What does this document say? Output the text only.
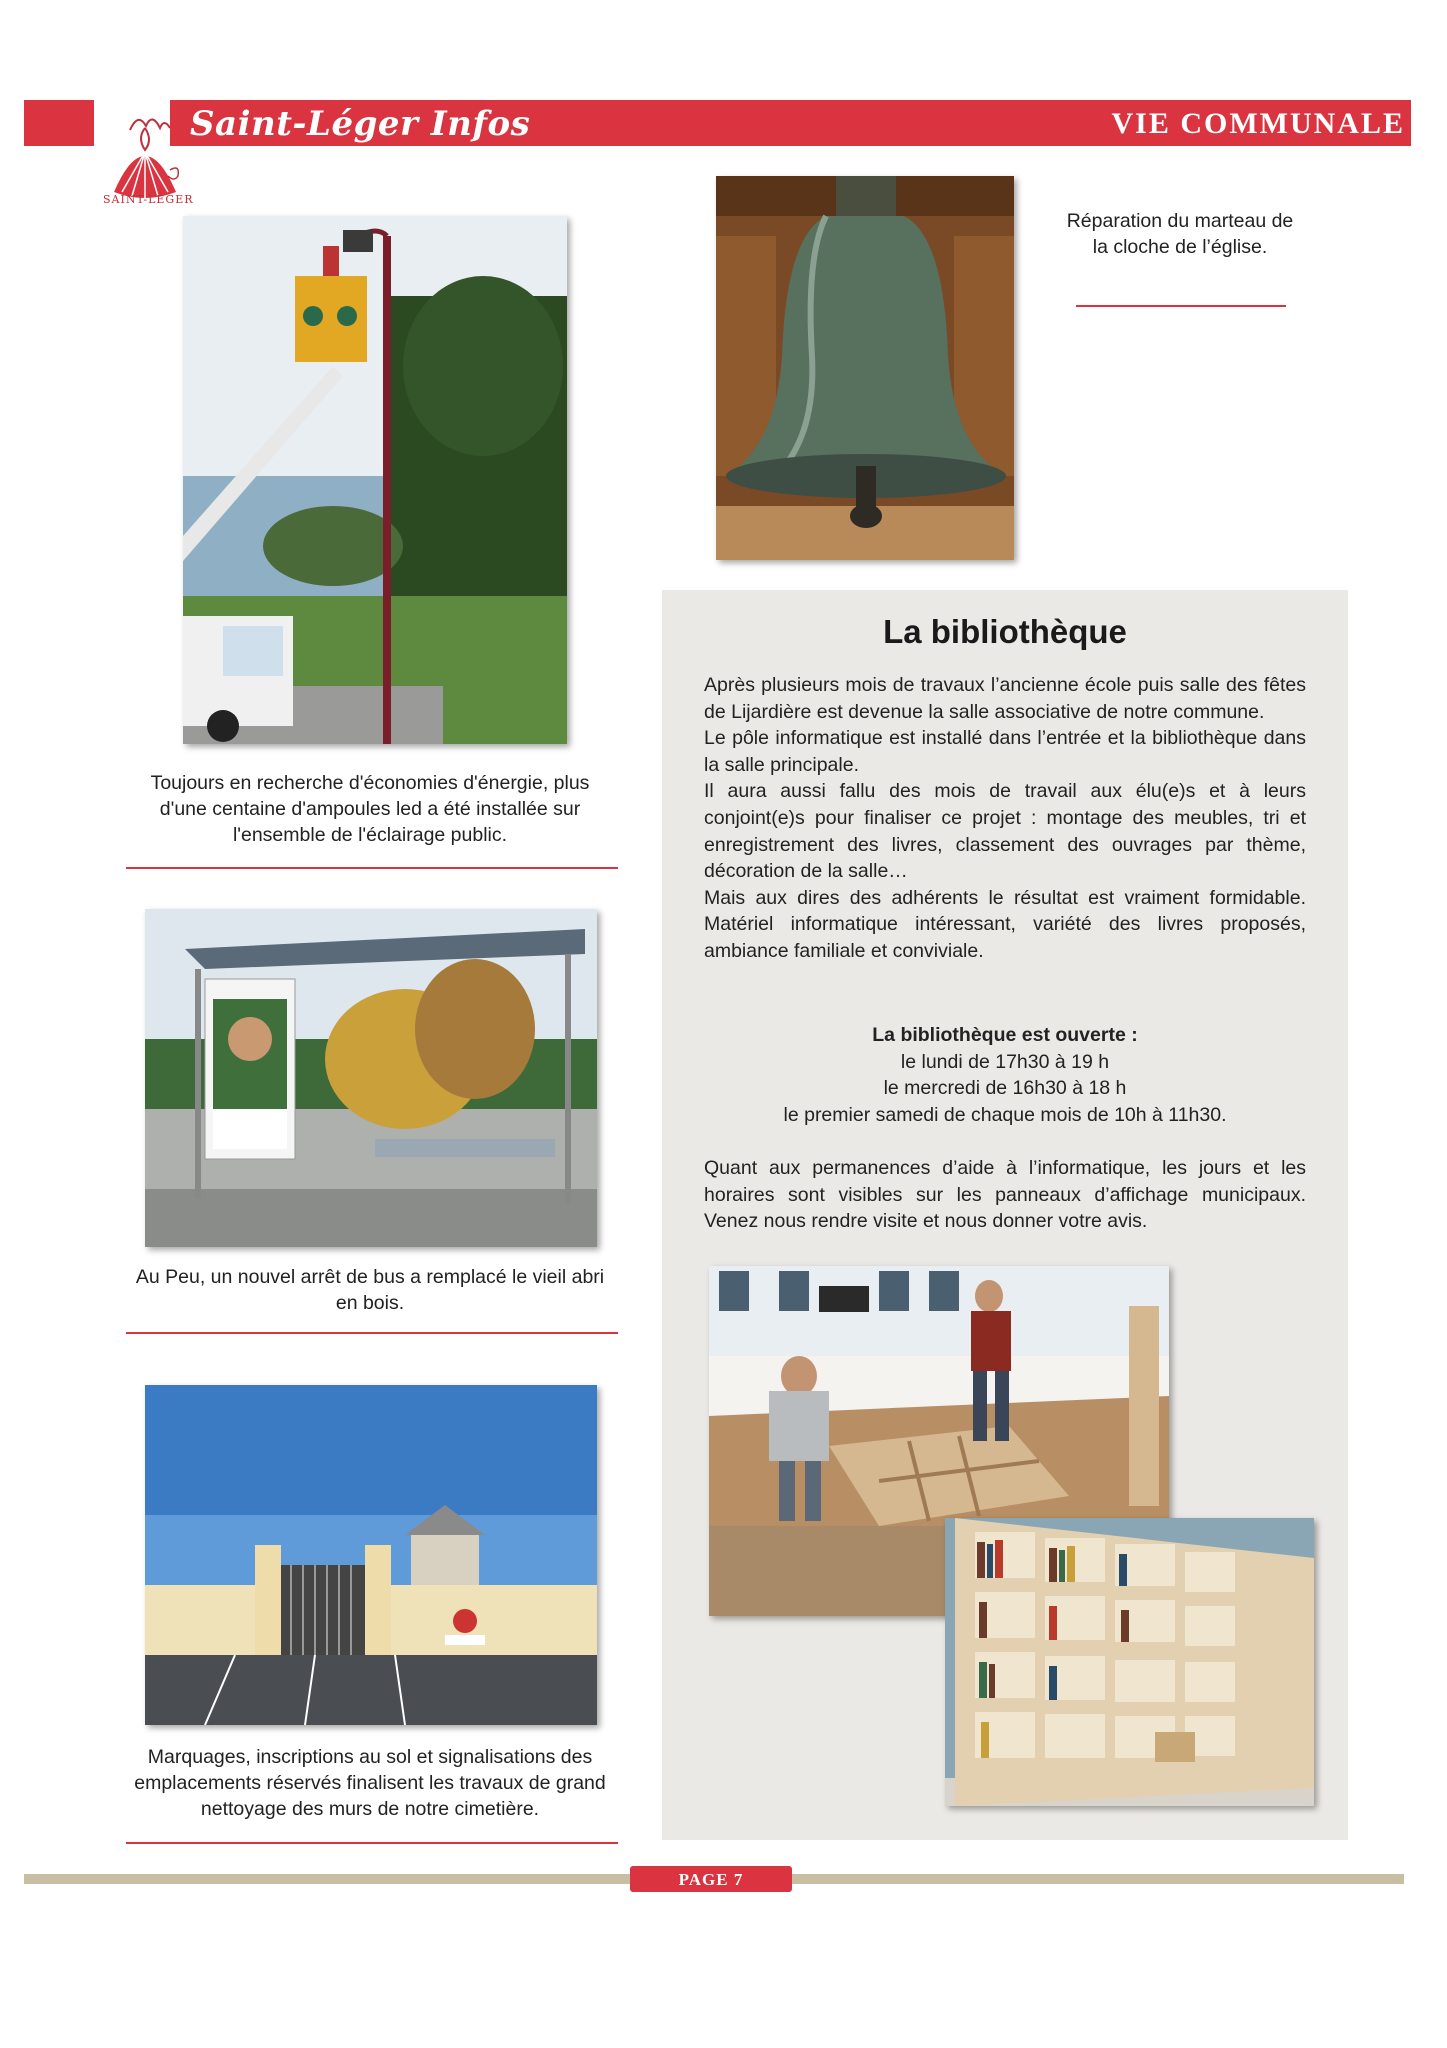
Saint-Léger Infos	VIE COMMUNALE
SAINT-LÉGER
Toujours en recherche d'économies d'énergie, plus d'une centaine d'ampoules led a été installée sur l'ensemble de l'éclairage public.
Au Peu, un nouvel arrêt de bus a remplacé le vieil abri en bois.
Marquages, inscriptions au sol et signalisations des emplacements réservés finalisent les travaux de grand nettoyage des murs de notre cimetière.
Réparation du marteau de la cloche de l’église.
La bibliothèque
Après plusieurs mois de travaux l’ancienne école puis salle des fêtes de Lijardière est devenue la salle associative de notre commune.
Le pôle informatique est installé dans l’entrée et la bibliothèque dans la salle principale.
Il aura aussi fallu des mois de travail aux élu(e)s et à leurs conjoint(e)s pour finaliser ce projet : montage des meubles, tri et enregistrement des livres, classement des ouvrages par thème, décoration de la salle…
Mais aux dires des adhérents le résultat est vraiment formidable. Matériel informatique intéressant, variété des livres proposés, ambiance familiale et conviviale.
La bibliothèque est ouverte :
le lundi de 17h30 à 19 h
le mercredi de 16h30 à 18 h
le premier samedi de chaque mois de 10h à 11h30.
Quant aux permanences d’aide à l’informatique, les jours et les horaires sont visibles sur les panneaux d’affichage municipaux. Venez nous rendre visite et nous donner votre avis.
PAGE 7
